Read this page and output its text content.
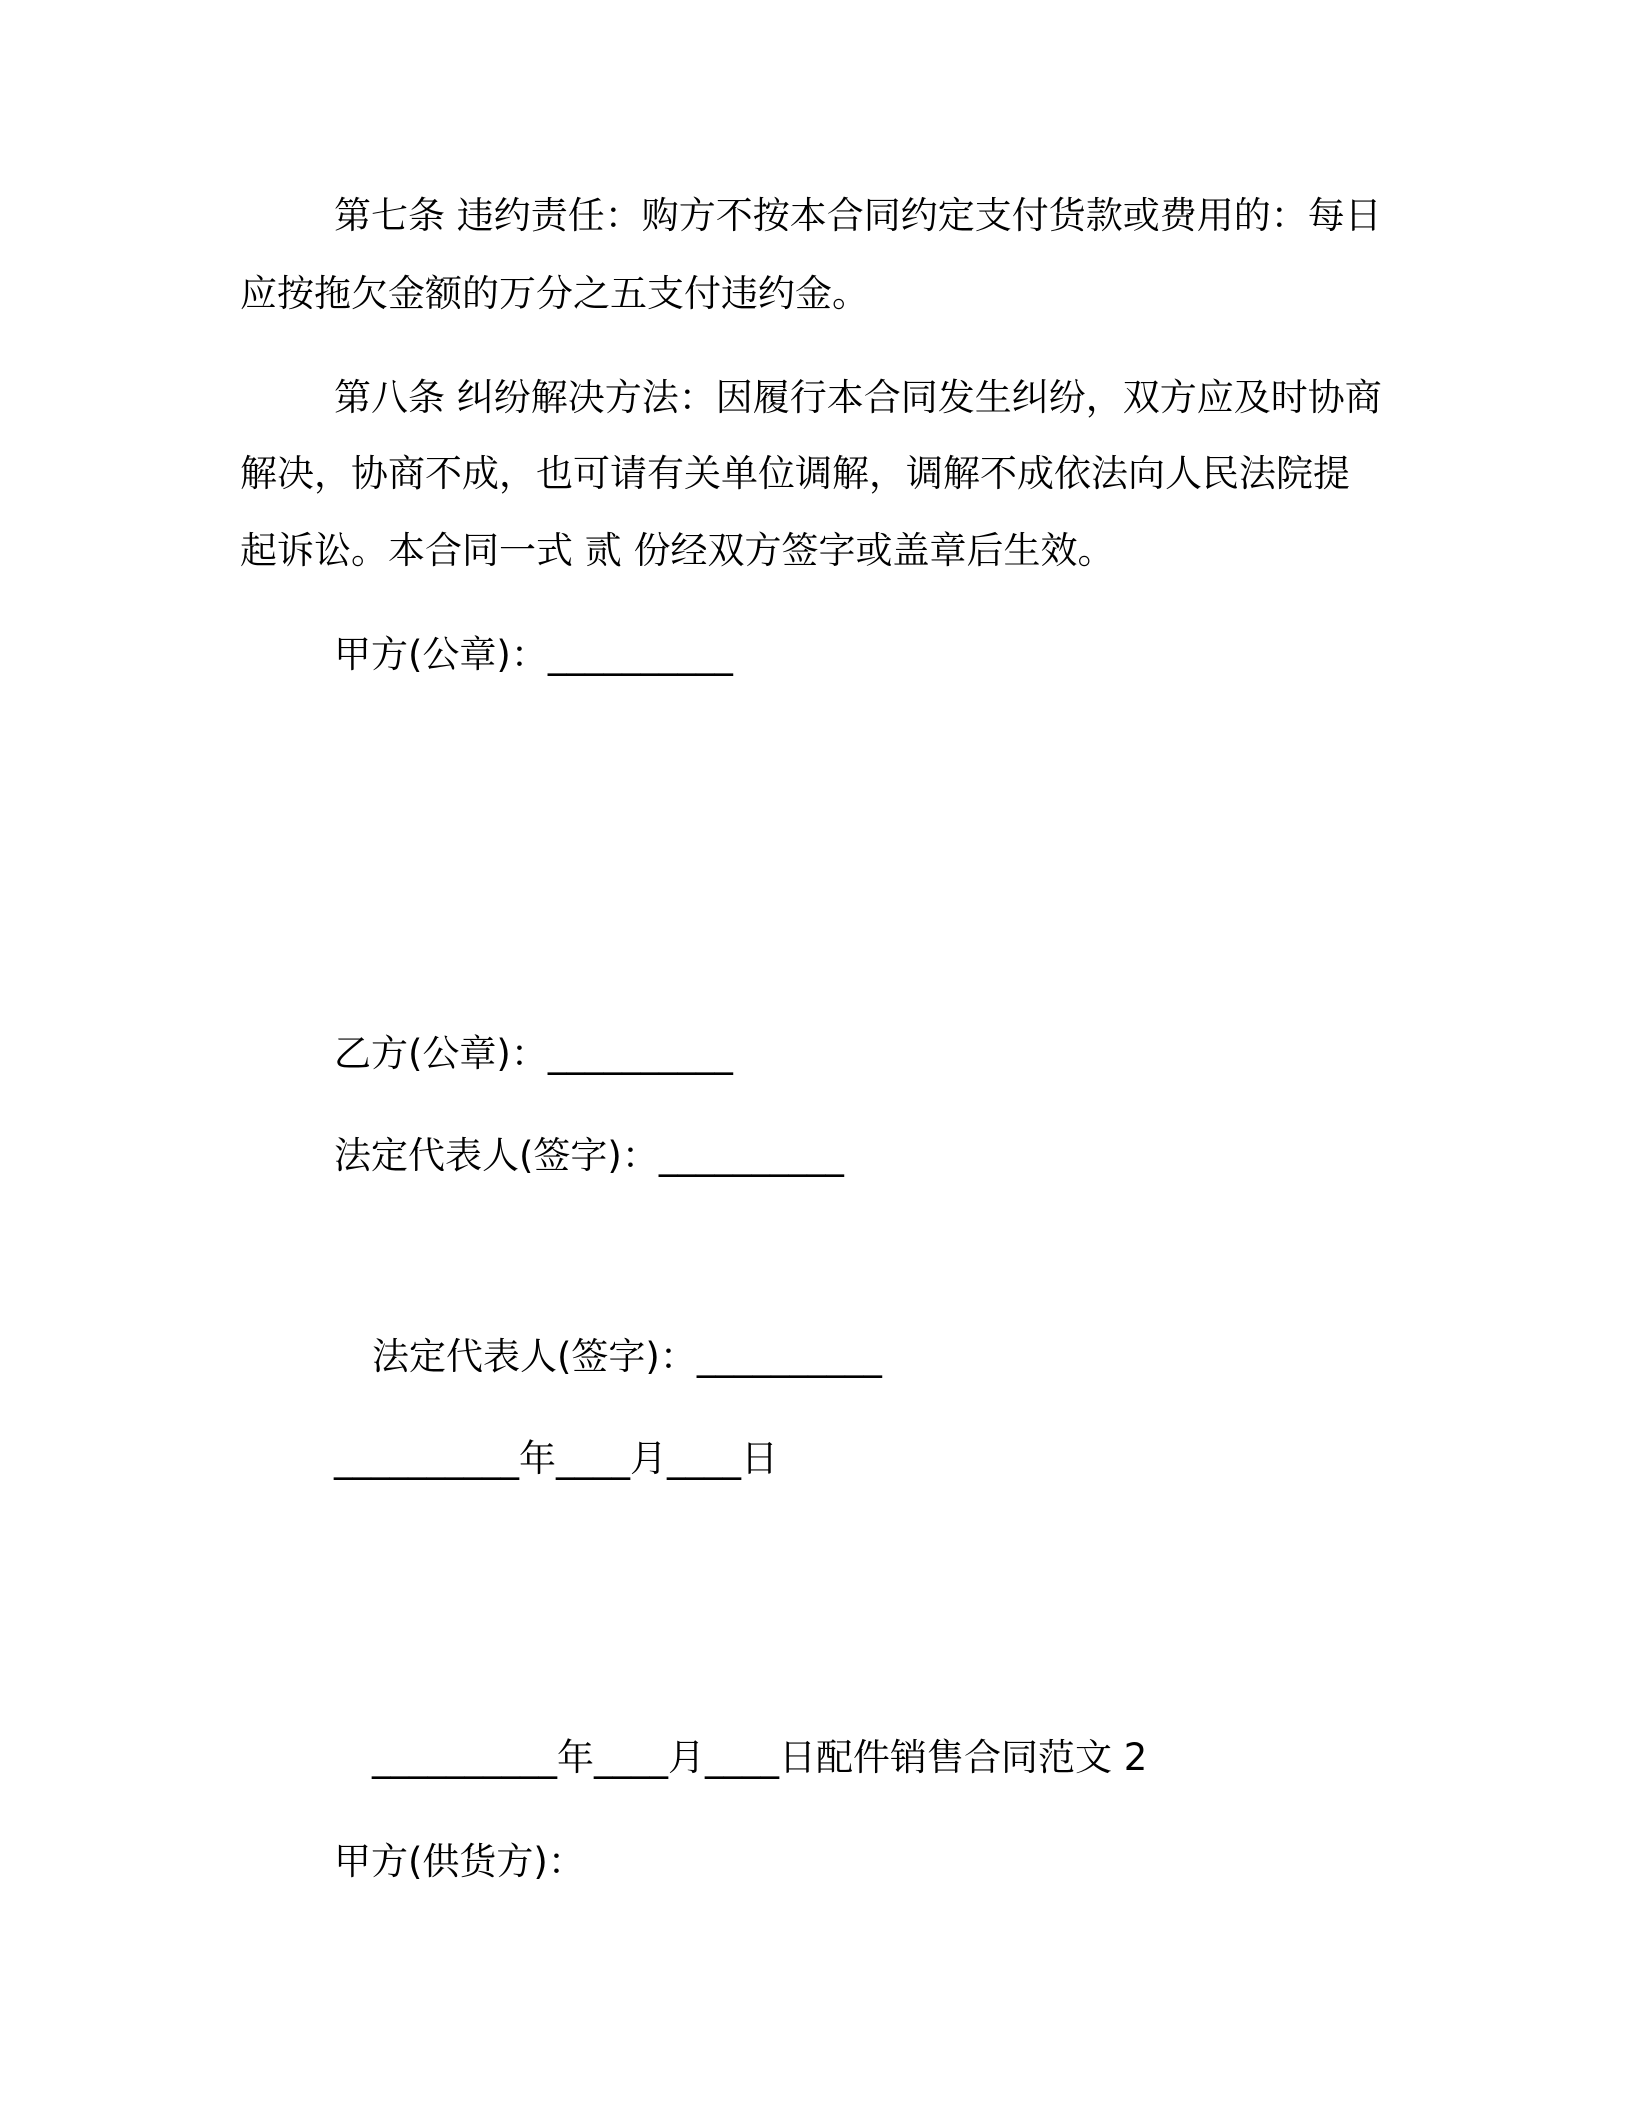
第七条 违约责任：购方不按本合同约定支付货款或费用的：每日
应按拖欠金额的万分之五支付违约金。
第八条 纠纷解决方法：因履行本合同发生纠纷，双方应及时协商
解决，协商不成，也可请有关单位调解，调解不成依法向人民法院提
起诉讼。本合同一式 贰 份经双方签字或盖章后生效。
甲方(公章)：__________
乙方(公章)：__________
法定代表人(签字)：__________
法定代表人(签字)：__________
__________年____月____日
__________年____月____日配件销售合同范文 2
甲方(供货方)：
